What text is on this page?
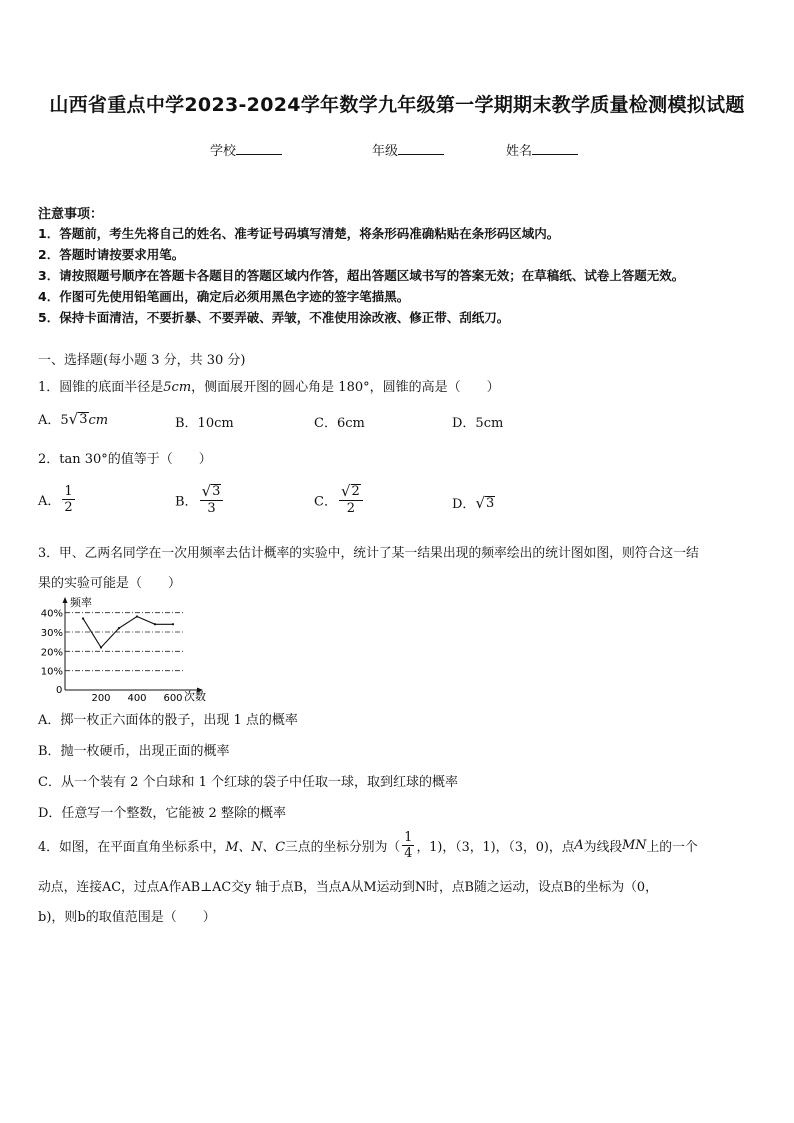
山西省重点中学2023-2024学年数学九年级第一学期期末教学质量检测模拟试题
学校	年级	姓名
注意事项：
1．答题前，考生先将自己的姓名、准考证号码填写清楚，将条形码准确粘贴在条形码区域内。
2．答题时请按要求用笔。
3．请按照题号顺序在答题卡各题目的答题区域内作答，超出答题区域书写的答案无效；在草稿纸、试卷上答题无效。
4．作图可先使用铅笔画出，确定后必须用黑色字迹的签字笔描黑。
5．保持卡面清洁，不要折暴、不要弄破、弄皱，不准使用涂改液、修正带、刮纸刀。
一、选择题(每小题 3 分，共 30 分)
1．圆锥的底面半径是5cm，侧面展开图的圆心角是 180°，圆锥的高是（　　）
A．5 √ 3 cm	B．10cm	C．6cm	D．5cm
2．tan 30°的值等于（　　）
A． $\frac{1}{2}$	B． $\frac{√ 3}{3}$	C． $\frac{√ 2}{2}$	D． √ 3
3．甲、乙两名同学在一次用频率去估计概率的实验中，统计了某一结果出现的频率绘出的统计图如图，则符合这一结
果的实验可能是（　　）
频率
次数
0
10%
20%
30%
40%
200 400 600
A．掷一枚正六面体的骰子，出现 1 点的概率
B．抛一枚硬币，出现正面的概率
C．从一个装有 2 个白球和 1 个红球的袋子中任取一球，取到红球的概率
D．任意写一个整数，它能被 2 整除的概率
4．如图，在平面直角坐标系中，M、N、C三点的坐标分别为（ $\frac{1}{4}$ ，1)，（3，1)，（3，0)，点A为线段MN上的一个
动点，连接AC，过点A作AB⊥AC交y 轴于点B，当点A从M运动到N时，点B随之运动，设点B的坐标为（0，
b)，则b的取值范围是（　　）
